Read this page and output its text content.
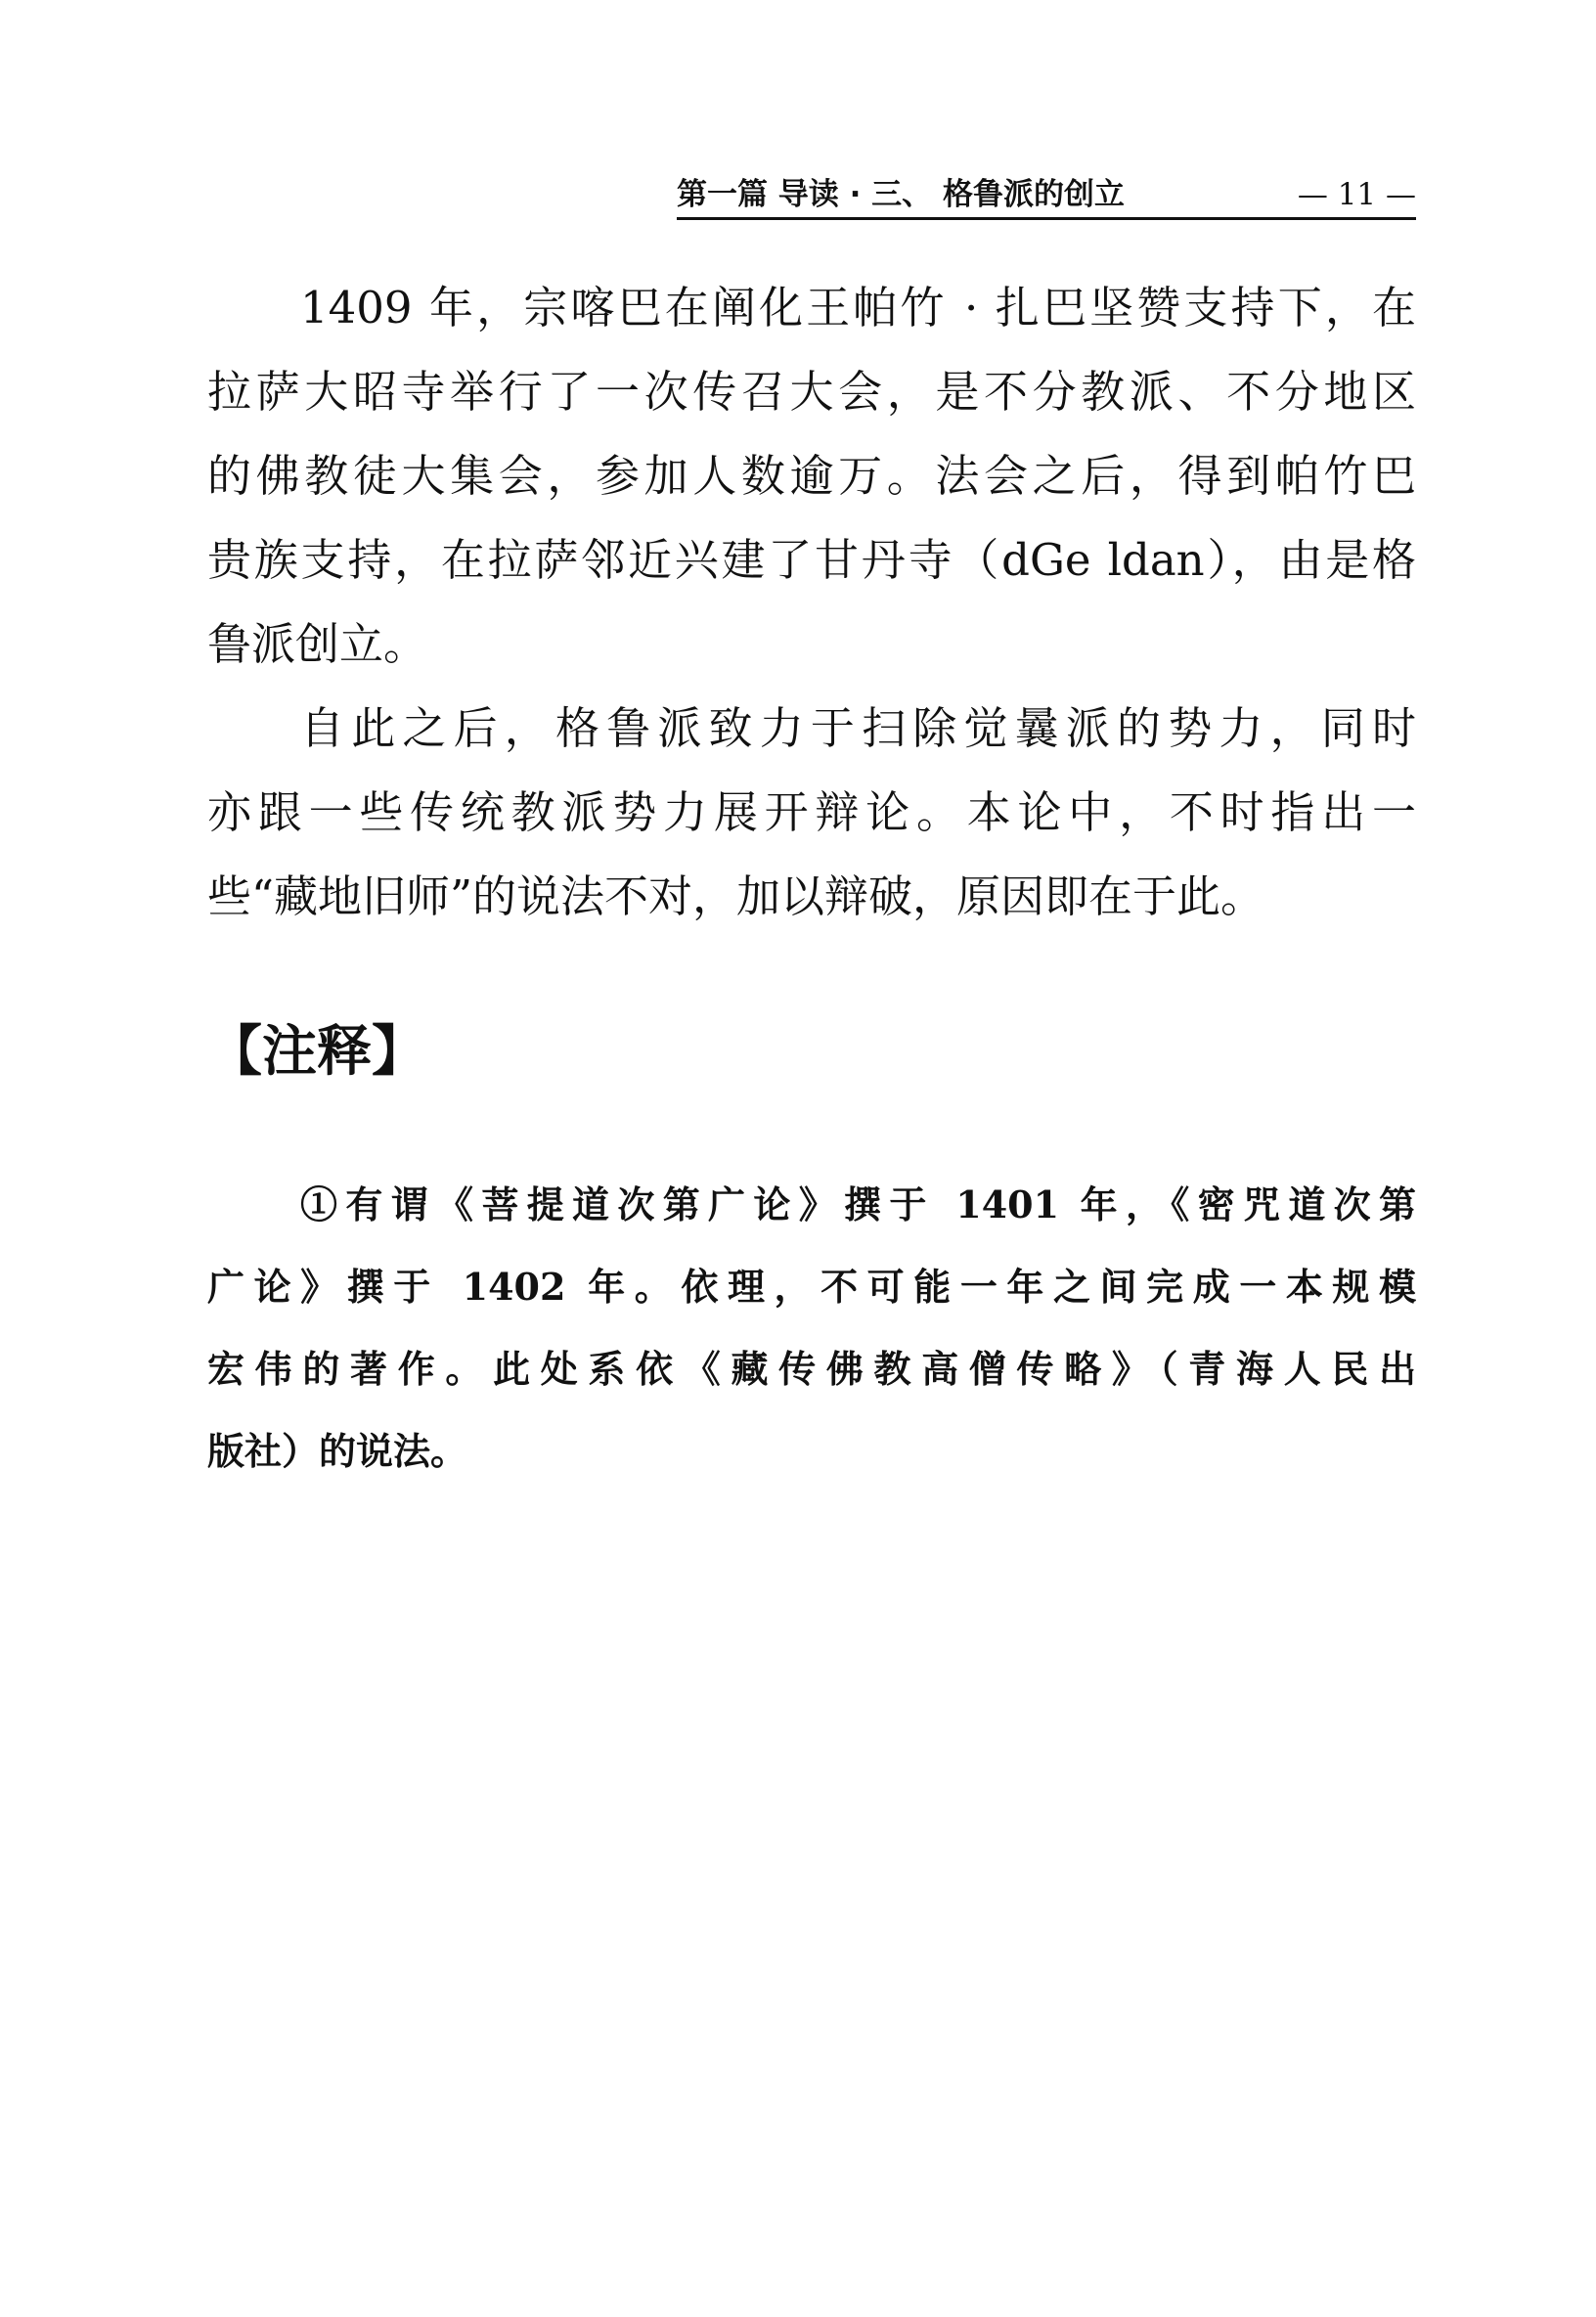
第一篇 导读 · 三、 格鲁派的创立	— 11 —
1409 年，宗喀巴在阐化王帕竹 · 扎巴坚赞支持下，在
拉萨大昭寺举行了一次传召大会，是不分教派、不分地区
的佛教徒大集会，参加人数逾万。法会之后，得到帕竹巴
贵族支持，在拉萨邻近兴建了甘丹寺（dGe ldan），由是格
鲁派创立。
自此之后，格鲁派致力于扫除觉曩派的势力，同时
亦跟一些传统教派势力展开辩论。本论中，不时指出一
些“藏地旧师”的说法不对，加以辩破，原因即在于此。
【注释】
①有谓《菩提道次第广论》撰于 1401 年，《密咒道次第
广论》撰于 1402 年。依理，不可能一年之间完成一本规模
宏伟的著作。此处系依《藏传佛教高僧传略》（青海人民出
版社）的说法。
